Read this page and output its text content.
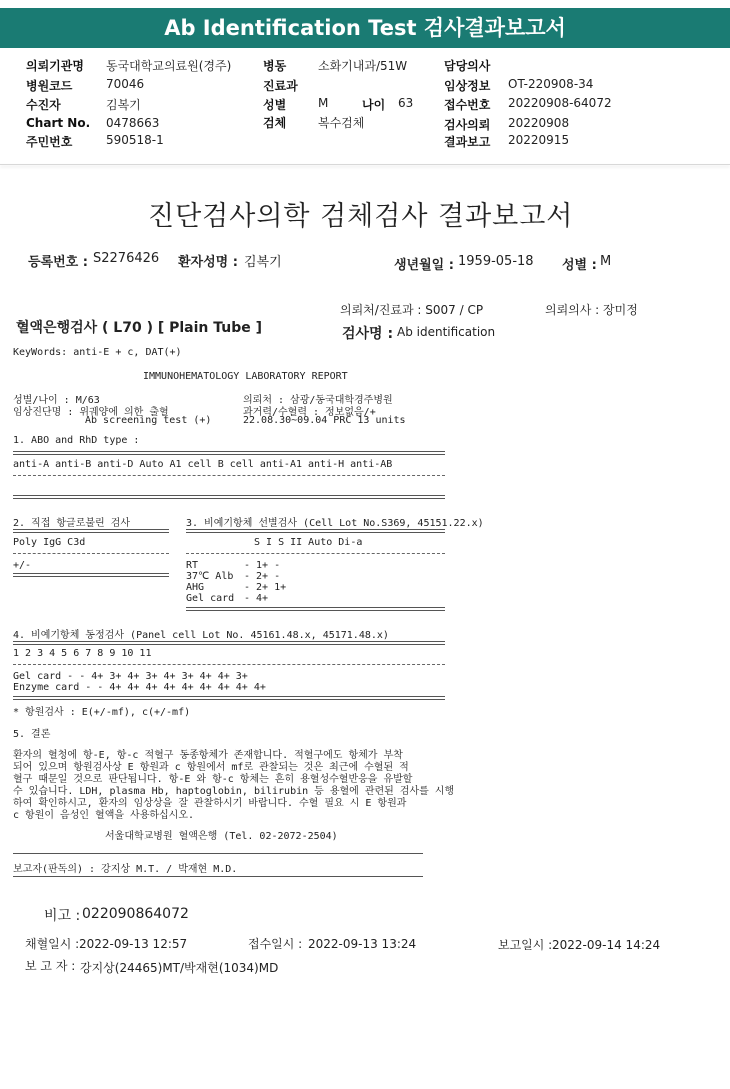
Ab Identification Test 검사결과보고서
의뢰기관명 동국대학교의료원(경주)	병동	소화기내과/51W	담당의사
병원코드	70046	진료과	임상정보 OT-220908-34
수진자	김복기	성별	M	나이 63	접수번호 20220908-64072
Chart No. 0478663	검체	복수검체	검사의뢰 20220908
주민번호	590518-1	결과보고 20220915
진단검사의학 검체검사 결과보고서
등록번호 : S2276426 환자성명 : 김복기	생년월일 : 1959-05-18 성별 : M
의뢰처/진료과 : S007 / CP	의뢰의사 : 장미정
혈액은행검사 ( L70 ) [ Plain Tube ]	검사명 : Ab identification
KeyWords: anti-E + c, DAT(+)
IMMUNOHEMATOLOGY LABORATORY REPORT
성별/나이 : M/63
임상진단명 : 위궤양에 의한 출혈
Ab screening test (+)
의뢰처 : 삼광/동국대학경주병원
과거력/수혈력 : 정보없음/+
22.08.30~09.04 PRC 13 units
1. ABO and RhD type :
anti-A anti-B anti-D Auto A1 cell B cell anti-A1 anti-H anti-AB
2. 직접 항글로불린 검사
Poly IgG C3d
+/-
3. 비예기항체 선별검사 (Cell Lot No.S369, 45151.22.x)
S I S II Auto Di-a
RT	- 1+ -
37℃ Alb - 2+ -
AHG	- 2+ 1+
Gel card - 4+
4. 비예기항체 동정검사 (Panel cell Lot No. 45161.48.x, 45171.48.x)
1 2 3 4 5 6 7 8 9 10 11
Gel card - - 4+ 3+ 4+ 3+ 4+ 3+ 4+ 4+ 3+
Enzyme card - - 4+ 4+ 4+ 4+ 4+ 4+ 4+ 4+ 4+
* 항원검사 : E(+/-mf), c(+/-mf)
5. 결론
환자의 혈청에 항-E, 항-c 적혈구 동종항체가 존재합니다. 적혈구에도 항체가 부착
되어 있으며 항원검사상 E 항원과 c 항원에서 mf로 관찰되는 것은 최근에 수혈된 적
혈구 때문일 것으로 판단됩니다. 항-E 와 항-c 항체는 흔히 용혈성수혈반응을 유발할
수 있습니다. LDH, plasma Hb, haptoglobin, bilirubin 등 용혈에 관련된 검사를 시행
하여 확인하시고, 환자의 임상상을 잘 관찰하시기 바랍니다. 수혈 필요 시 E 항원과
c 항원이 음성인 혈액을 사용하십시오.
서울대학교병원 혈액은행 (Tel. 02-2072-2504)
보고자(판독의) : 강지상 M.T. / 박재현 M.D.
비고 : 022090864072
채혈일시 : 2022-09-13 12:57	접수일시 : 2022-09-13 13:24	보고일시 : 2022-09-14 14:24
보 고 자 : 강지상(24465)MT/박재현(1034)MD
